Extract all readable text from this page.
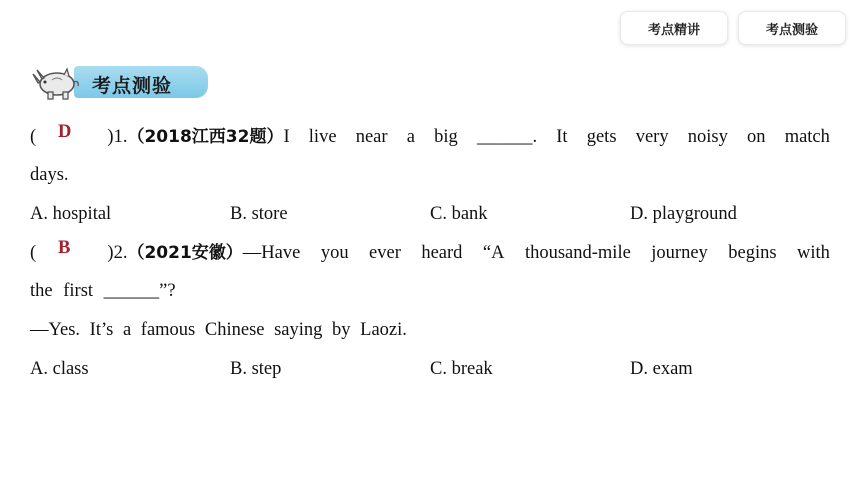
考点精讲	考点测验
考点测验
(	)1.（2018江西32题）I live near a big ______. It gets very noisy on match
D
days.
A. hospital	B. store	C. bank	D. playground
(	)2.（2021安徽）—Have you ever heard “A thousand-mile journey begins with
B
the first ______”?
—Yes. It’s a famous Chinese saying by Laozi.
A. class	B. step	C. break	D. exam
